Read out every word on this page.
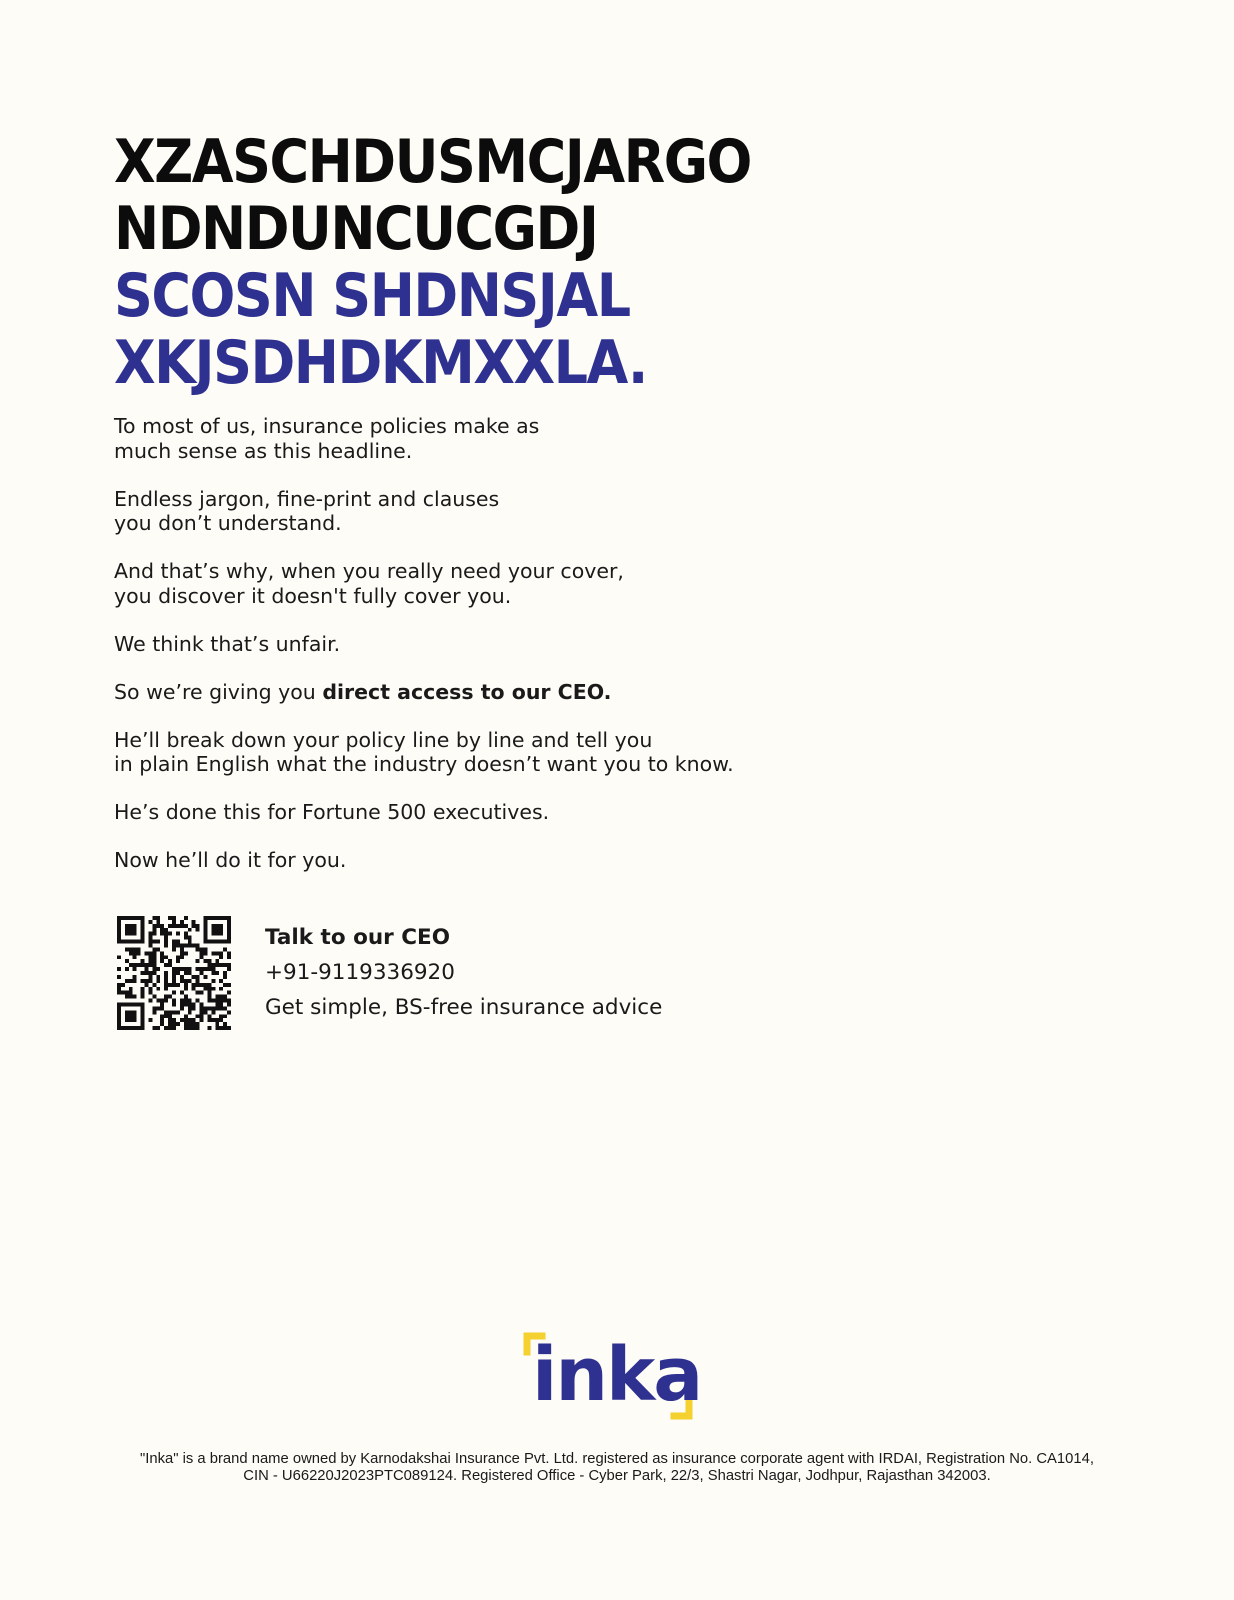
XZASCHDUSMCJARGO
NDNDUNCUCGDJ
SCOSN SHDNSJAL
XKJSDHDKMXXLA.

To most of us, insurance policies make as
much sense as this headline.

Endless jargon, fine-print and clauses
you don’t understand.

And that’s why, when you really need your cover,
you discover it doesn't fully cover you.

We think that’s unfair.

So we’re giving you direct access to our CEO.

He’ll break down your policy line by line and tell you
in plain English what the industry doesn’t want you to know.

He’s done this for Fortune 500 executives.

Now he’ll do it for you.

Talk to our CEO
+91-9119336920
Get simple, BS-free insurance advice
inka
"Inka" is a brand name owned by Karnodakshai Insurance Pvt. Ltd. registered as insurance corporate agent with IRDAI, Registration No. CA1014,
CIN - U66220J2023PTC089124. Registered Office - Cyber Park, 22/3, Shastri Nagar, Jodhpur, Rajasthan 342003.
